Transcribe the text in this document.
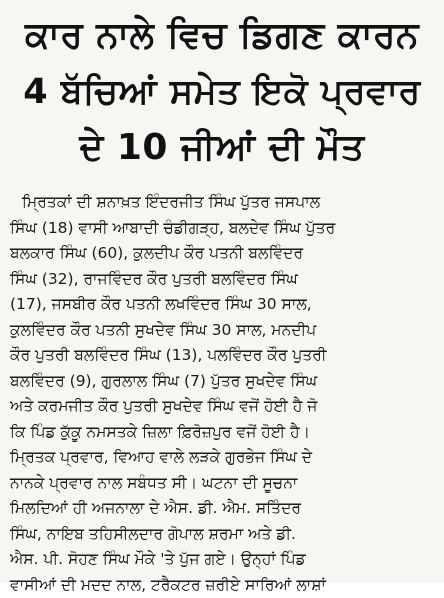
ਕਾਰ ਨਾਲੇ ਵਿਚ ਡਿਗਣ ਕਾਰਨ
4 ਬੱਚਿਆਂ ਸਮੇਤ ਇਕੋ ਪ੍ਰਵਾਰ
ਦੇ 10 ਜੀਆਂ ਦੀ ਮੌਤ
ਮ੍ਰਿਤਕਾਂ ਦੀ ਸ਼ਨਾਖ਼ਤ ਇੰਦਰਜੀਤ ਸਿੰਘ ਪੁੱਤਰ ਜਸਪਾਲ
ਸਿੰਘ (18) ਵਾਸੀ ਆਬਾਦੀ ਚੰਡੀਗੜ੍ਹ, ਬਲਦੇਵ ਸਿੰਘ ਪੁੱਤਰ
ਬਲਕਾਰ ਸਿੰਘ (60), ਕੁਲਦੀਪ ਕੌਰ ਪਤਨੀ ਬਲਵਿੰਦਰ
ਸਿੰਘ (32), ਰਾਜਵਿੰਦਰ ਕੌਰ ਪੁਤਰੀ ਬਲਵਿੰਦਰ ਸਿੰਘ
(17), ਜਸਬੀਰ ਕੌਰ ਪਤਨੀ ਲਖਵਿੰਦਰ ਸਿੰਘ 30 ਸਾਲ,
ਕੁਲਵਿੰਦਰ ਕੌਰ ਪਤਨੀ ਸੁਖਦੇਵ ਸਿੰਘ 30 ਸਾਲ, ਮਨਦੀਪ
ਕੌਰ ਪੁਤਰੀ ਬਲਵਿੰਦਰ ਸਿੰਘ (13), ਪਲਵਿੰਦਰ ਕੌਰ ਪੁਤਰੀ
ਬਲਵਿੰਦਰ (9), ਗੁਰਲਾਲ ਸਿੰਘ (7) ਪੁੱਤਰ ਸੁਖਦੇਵ ਸਿੰਘ
ਅਤੇ ਕਰਮਜੀਤ ਕੌਰ ਪੁਤਰੀ ਸੁਖਦੇਵ ਸਿੰਘ ਵਜੋਂ ਹੋਈ ਹੈ ਜੋ
ਕਿ ਪਿੰਡ ਕੁੱਕੂ ਨਮਸਤਕੇ ਜ਼ਿਲਾ ਫ਼ਿਰੋਜ਼ਪੁਰ ਵਜੋਂ ਹੋਈ ਹੈ।
ਮ੍ਰਿਤਕ ਪ੍ਰਵਾਰ, ਵਿਆਹ ਵਾਲੇ ਲੜਕੇ ਗੁਰਭੇਜ ਸਿੰਘ ਦੇ
ਨਾਨਕੇ ਪ੍ਰਵਾਰ ਨਾਲ ਸਬੰਧਤ ਸੀ। ਘਟਨਾ ਦੀ ਸੂਚਨਾ
ਮਿਲਦਿਆਂ ਹੀ ਅਜਨਾਲਾ ਦੇ ਐਸ. ਡੀ. ਐਮ. ਸਤਿੰਦਰ
ਸਿੰਘ, ਨਾਇਬ ਤਹਿਸੀਲਦਾਰ ਗੋਪਾਲ ਸ਼ਰਮਾ ਅਤੇ ਡੀ.
ਐਸ. ਪੀ. ਸੋਹਣ ਸਿੰਘ ਮੌਕੇ 'ਤੇ ਪੁੱਜ ਗਏ। ਉਨ੍ਹਾਂ ਪਿੰਡ
ਵਾਸੀਆਂ ਦੀ ਮਦਦ ਨਾਲ, ਟਰੈਕਟਰ ਜ਼ਰੀਏ ਸਾਰਿਆਂ ਲਾਸ਼ਾਂ
